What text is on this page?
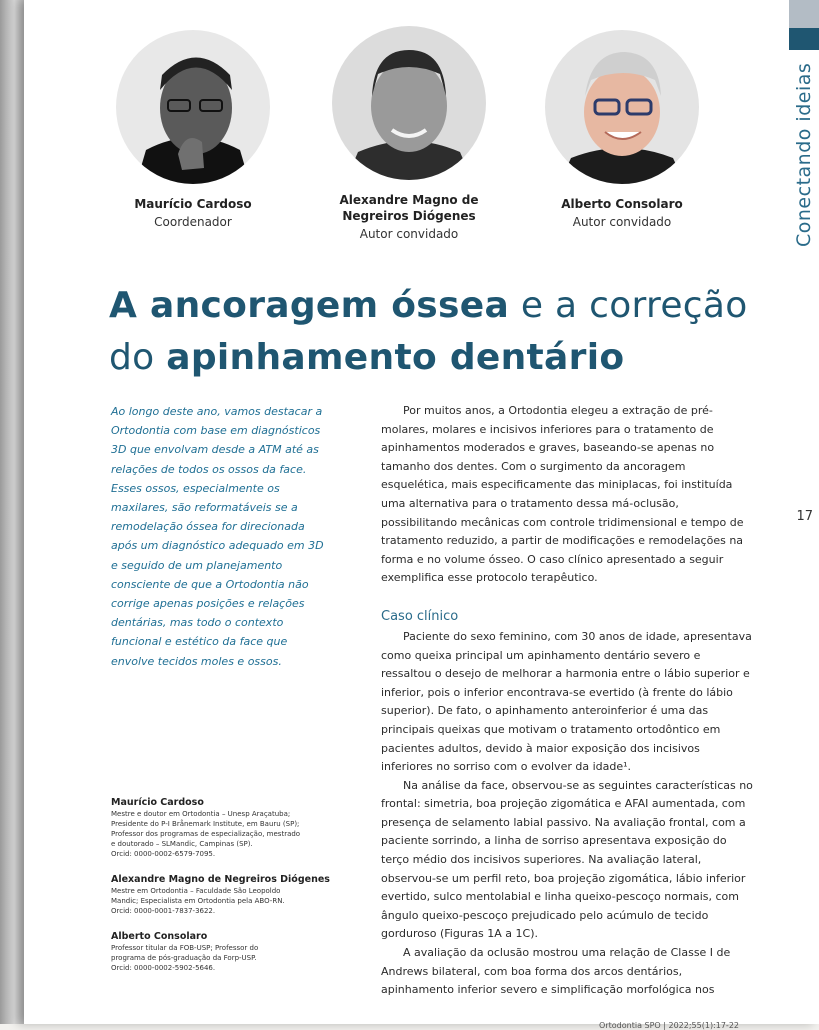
Conectando ideias
17
Maurício Cardoso
Coordenador
Alexandre Magno de Negreiros Diógenes
Autor convidado
Alberto Consolaro
Autor convidado
A ancoragem óssea e a correção
do apinhamento dentário
Ao longo deste ano, vamos destacar a Ortodontia com base em diagnósticos 3D que envolvam desde a ATM até as relações de todos os ossos da face. Esses ossos, especialmente os maxilares, são reformatáveis se a remodelação óssea for direcionada após um diagnóstico adequado em 3D e seguido de um planejamento consciente de que a Ortodontia não corrige apenas posições e relações dentárias, mas todo o contexto funcional e estético da face que envolve tecidos moles e ossos.
Maurício Cardoso
Mestre e doutor em Ortodontia – Unesp Araçatuba;
Presidente do P-I Brånemark Institute, em Bauru (SP);
Professor dos programas de especialização, mestrado
e doutorado – SLMandic, Campinas (SP).
Orcid: 0000-0002-6579-7095.
Alexandre Magno de Negreiros Diógenes
Mestre em Ortodontia – Faculdade São Leopoldo
Mandic; Especialista em Ortodontia pela ABO-RN.
Orcid: 0000-0001-7837-3622.
Alberto Consolaro
Professor titular da FOB-USP; Professor do
programa de pós-graduação da Forp-USP.
Orcid: 0000-0002-5902-5646.

Por muitos anos, a Ortodontia elegeu a extração de pré-molares, molares e incisivos inferiores para o tratamento de apinhamentos moderados e graves, baseando-se apenas no tamanho dos dentes. Com o surgimento da ancoragem esquelética, mais especificamente das miniplacas, foi instituída uma alternativa para o tratamento dessa má-oclusão, possibilitando mecânicas com controle tridimensional e tempo de tratamento reduzido, a partir de modificações e remodelações na forma e no volume ósseo. O caso clínico apresentado a seguir exemplifica esse protocolo terapêutico.

Caso clínico

Paciente do sexo feminino, com 30 anos de idade, apresentava como queixa principal um apinhamento dentário severo e ressaltou o desejo de melhorar a harmonia entre o lábio superior e inferior, pois o inferior encontrava-se evertido (à frente do lábio superior). De fato, o apinhamento anteroinferior é uma das principais queixas que motivam o tratamento ortodôntico em pacientes adultos, devido à maior exposição dos incisivos inferiores no sorriso com o evolver da idade¹.

Na análise da face, observou-se as seguintes características no frontal: simetria, boa projeção zigomática e AFAI aumentada, com presença de selamento labial passivo. Na avaliação frontal, com a paciente sorrindo, a linha de sorriso apresentava exposição do terço médio dos incisivos superiores. Na avaliação lateral, observou-se um perfil reto, boa projeção zigomática, lábio inferior evertido, sulco mentolabial e linha queixo-pescoço normais, com ângulo queixo-pescoço prejudicado pelo acúmulo de tecido gorduroso (Figuras 1A a 1C).

A avaliação da oclusão mostrou uma relação de Classe I de Andrews bilateral, com boa forma dos arcos dentários, apinhamento inferior severo e simplificação morfológica nos

Ortodontia SPO | 2022;55(1):17-22
